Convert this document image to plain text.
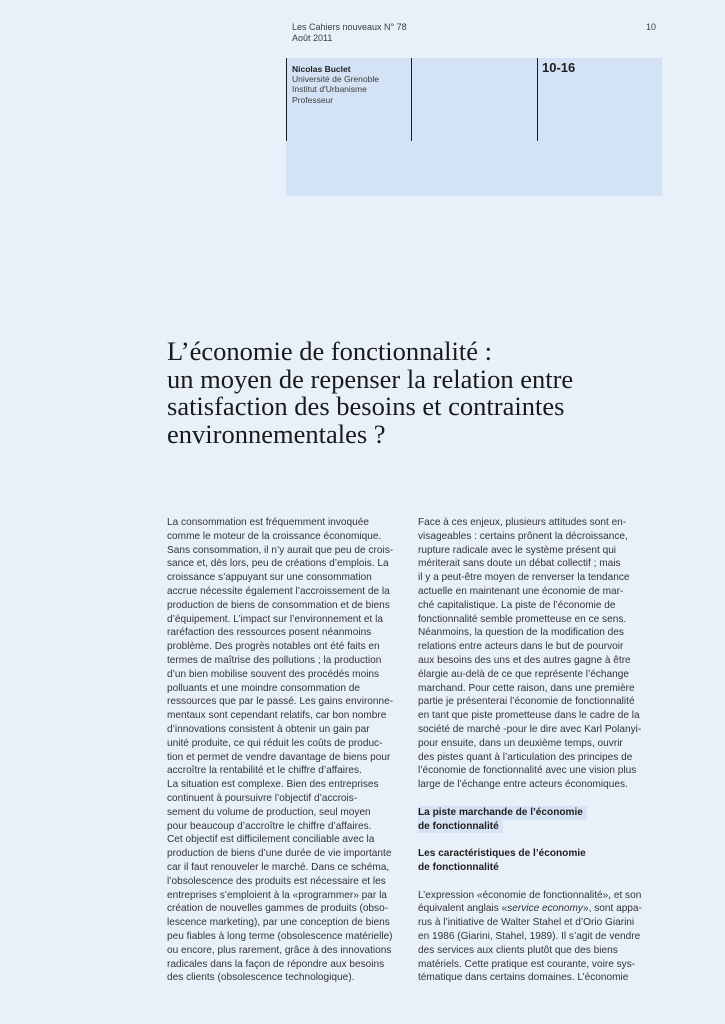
Les Cahiers nouveaux N° 78
Août 2011
10
Nicolas Buclet
Université de Grenoble
Institut d'Urbanisme
Professeur
10-16
L’économie de fonctionnalité :
un moyen de repenser la relation entre
satisfaction des besoins et contraintes
environnementales ?
La consommation est fréquemment invoquée
comme le moteur de la croissance économique.
Sans consommation, il n’y aurait que peu de crois-
sance et, dès lors, peu de créations d’emplois. La
croissance s’appuyant sur une consommation
accrue nécessite également l’accroissement de la
production de biens de consommation et de biens
d’équipement. L’impact sur l’environnement et la
raréfaction des ressources posent néanmoins
problème. Des progrès notables ont été faits en
termes de maîtrise des pollutions ; la production
d’un bien mobilise souvent des procédés moins
polluants et une moindre consommation de
ressources que par le passé. Les gains environne-
mentaux sont cependant relatifs, car bon nombre
d’innovations consistent à obtenir un gain par
unité produite, ce qui réduit les coûts de produc-
tion et permet de vendre davantage de biens pour
accroître la rentabilité et le chiffre d’affaires.
La situation est complexe. Bien des entreprises
continuent à poursuivre l’objectif d’accrois-
sement du volume de production, seul moyen
pour beaucoup d’accroître le chiffre d’affaires.
Cet objectif est difficilement conciliable avec la
production de biens d’une durée de vie importante
car il faut renouveler le marché. Dans ce schéma,
l’obsolescence des produits est nécessaire et les
entreprises s’emploient à la «programmer» par la
création de nouvelles gammes de produits (obso-
lescence marketing), par une conception de biens
peu fiables à long terme (obsolescence matérielle)
ou encore, plus rarement, grâce à des innovations
radicales dans la façon de répondre aux besoins
des clients (obsolescence technologique).
Face à ces enjeux, plusieurs attitudes sont en-
visageables : certains prônent la décroissance,
rupture radicale avec le système présent qui
mériterait sans doute un débat collectif ; mais
il y a peut-être moyen de renverser la tendance
actuelle en maintenant une économie de mar-
ché capitalistique. La piste de l’économie de
fonctionnalité semble prometteuse en ce sens.
Néanmoins, la question de la modification des
relations entre acteurs dans le but de pourvoir
aux besoins des uns et des autres gagne à être
élargie au-delà de ce que représente l’échange
marchand. Pour cette raison, dans une première
partie je présenterai l’économie de fonctionnalité
en tant que piste prometteuse dans le cadre de la
société de marché -pour le dire avec Karl Polanyi-
pour ensuite, dans un deuxième temps, ouvrir
des pistes quant à l’articulation des principes de
l’économie de fonctionnalité avec une vision plus
large de l’échange entre acteurs économiques.
La piste marchande de l’économie
de fonctionnalité
Les caractéristiques de l’économie
de fonctionnalité
L’expression «économie de fonctionnalité», et son
équivalent anglais «service economy», sont appa-
rus à l’initiative de Walter Stahel et d’Orio Giarini
en 1986 (Giarini, Stahel, 1989). Il s’agit de vendre
des services aux clients plutôt que des biens
matériels. Cette pratique est courante, voire sys-
tématique dans certains domaines. L’économie
